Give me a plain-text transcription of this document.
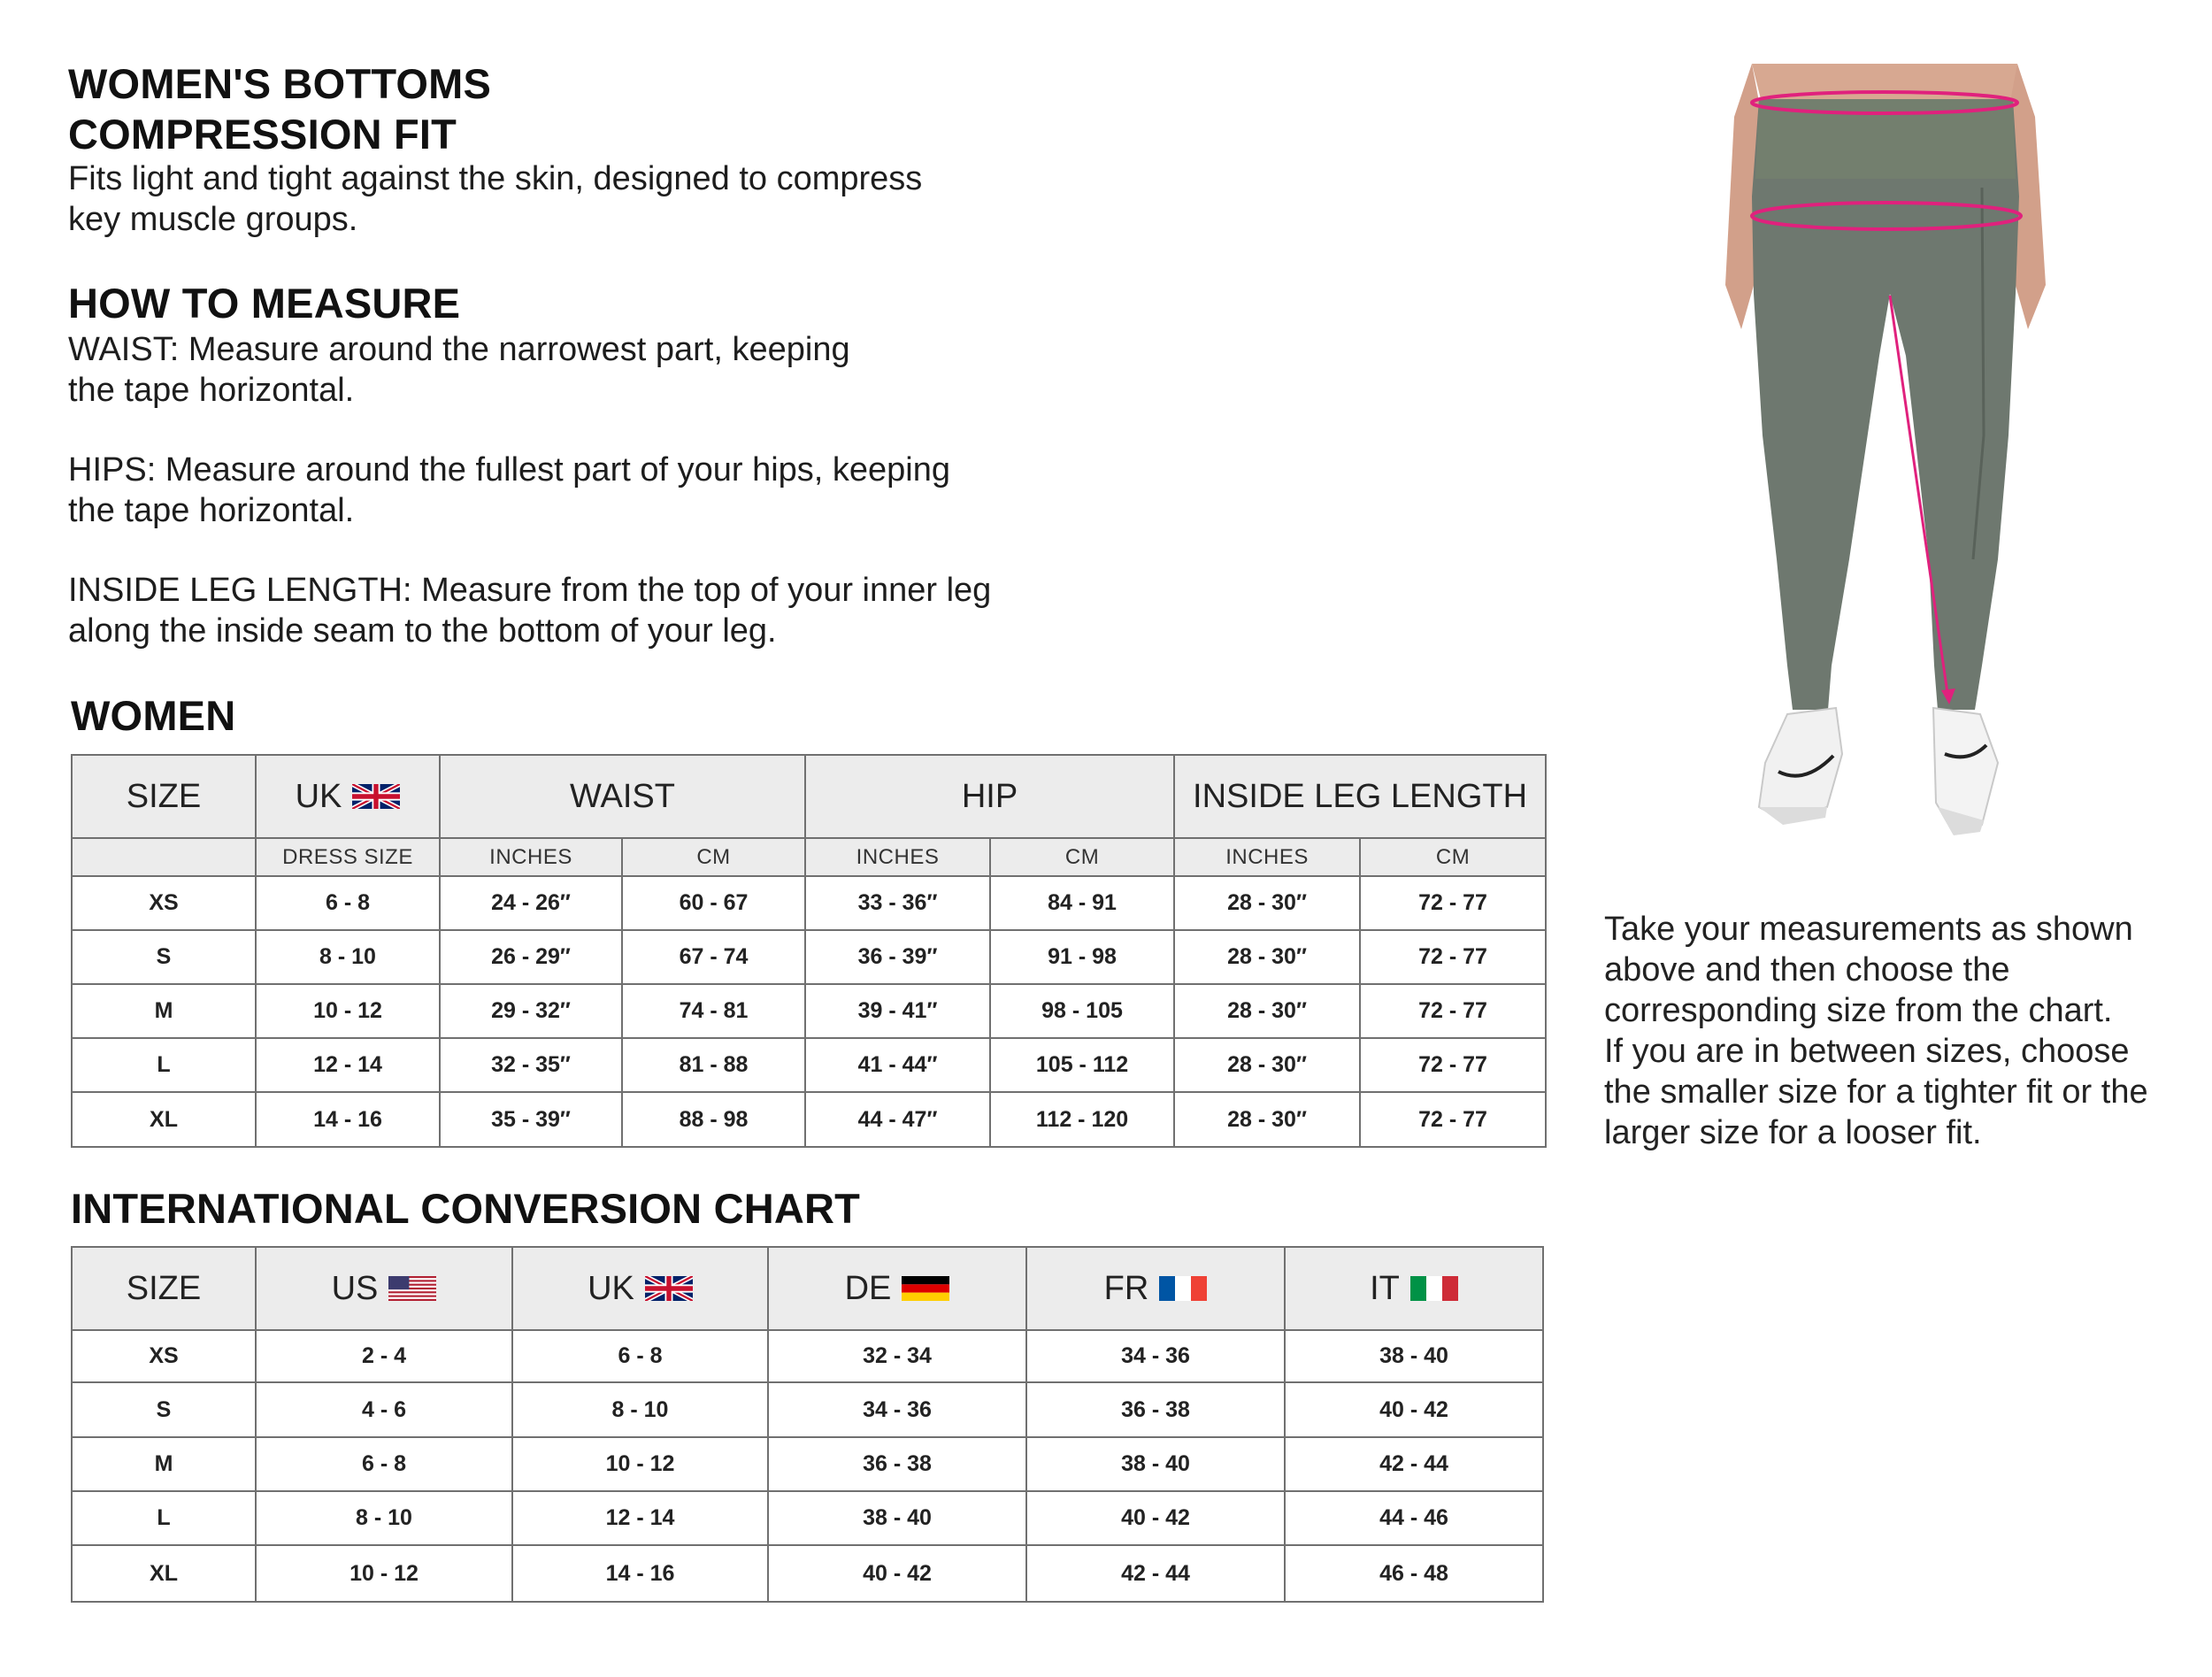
WOMEN'S BOTTOMS
COMPRESSION FIT
Fits light and tight against the skin, designed to compress
key muscle groups.
HOW TO MEASURE
WAIST: Measure around the narrowest part, keeping
the tape horizontal.
HIPS: Measure around the fullest part of your hips, keeping
the tape horizontal.
INSIDE LEG LENGTH: Measure from the top of your inner leg
along the inside seam to the bottom of your leg.
WOMEN
SIZE	UK	WAIST		HIP		INSIDE LEG LENGTH	
	DRESS SIZE	INCHES	CM	INCHES	CM	INCHES	CM
XS	6 - 8	24 - 26″	60 - 67	33 - 36″	84 - 91	28 - 30″	72 - 77
S	8 - 10	26 - 29″	67 - 74	36 - 39″	91 - 98	28 - 30″	72 - 77
M	10 - 12	29 - 32″	74 - 81	39 - 41″	98 - 105	28 - 30″	72 - 77
L	12 - 14	32 - 35″	81 - 88	41 - 44″	105 - 112	28 - 30″	72 - 77
XL	14 - 16	35 - 39″	88 - 98	44 - 47″	112 - 120	28 - 30″	72 - 77
INTERNATIONAL CONVERSION CHART
SIZE	US	UK	DE	FR	IT

XS	2 - 4	6 - 8	32 - 34	34 - 36	38 - 40
S	4 - 6	8 - 10	34 - 36	36 - 38	40 - 42
M	6 - 8	10 - 12	36 - 38	38 - 40	42 - 44
L	8 - 10	12 - 14	38 - 40	40 - 42	44 - 46
XL	10 - 12	14 - 16	40 - 42	42 - 44	46 - 48
Take your measurements as shown
above and then choose the
corresponding size from the chart.
If you are in between sizes, choose
the smaller size for a tighter fit or the
larger size for a looser fit.
